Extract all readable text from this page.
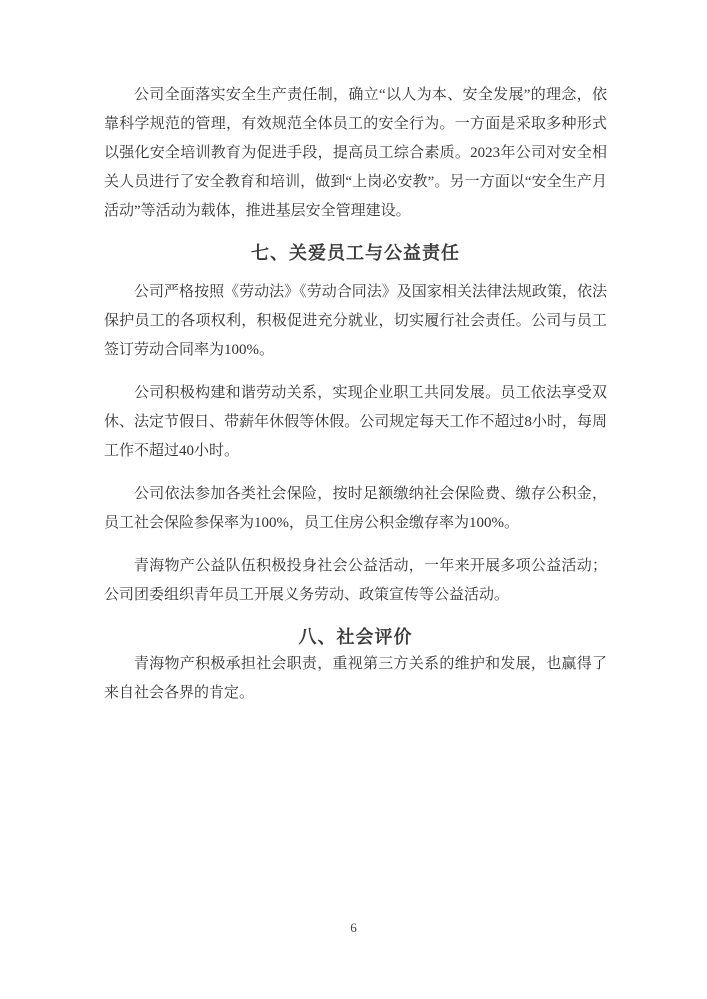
公司全面落实安全生产责任制，确立“以人为本、安全发展”的理念，依靠科学规范的管理，有效规范全体员工的安全行为。一方面是采取多种形式以强化安全培训教育为促进手段，提高员工综合素质。2023年公司对安全相关人员进行了安全教育和培训，做到“上岗必安教”。另一方面以“安全生产月活动”等活动为载体，推进基层安全管理建设。

七、关爱员工与公益责任

公司严格按照《劳动法》《劳动合同法》及国家相关法律法规政策，依法保护员工的各项权利，积极促进充分就业，切实履行社会责任。公司与员工签订劳动合同率为100%。

公司积极构建和谐劳动关系，实现企业职工共同发展。员工依法享受双休、法定节假日、带薪年休假等休假。公司规定每天工作不超过8小时，每周工作不超过40小时。

公司依法参加各类社会保险，按时足额缴纳社会保险费、缴存公积金，员工社会保险参保率为100%，员工住房公积金缴存率为100%。

青海物产公益队伍积极投身社会公益活动，一年来开展多项公益活动；公司团委组织青年员工开展义务劳动、政策宣传等公益活动。

八、社会评价

青海物产积极承担社会职责，重视第三方关系的维护和发展，也赢得了来自社会各界的肯定。

6
